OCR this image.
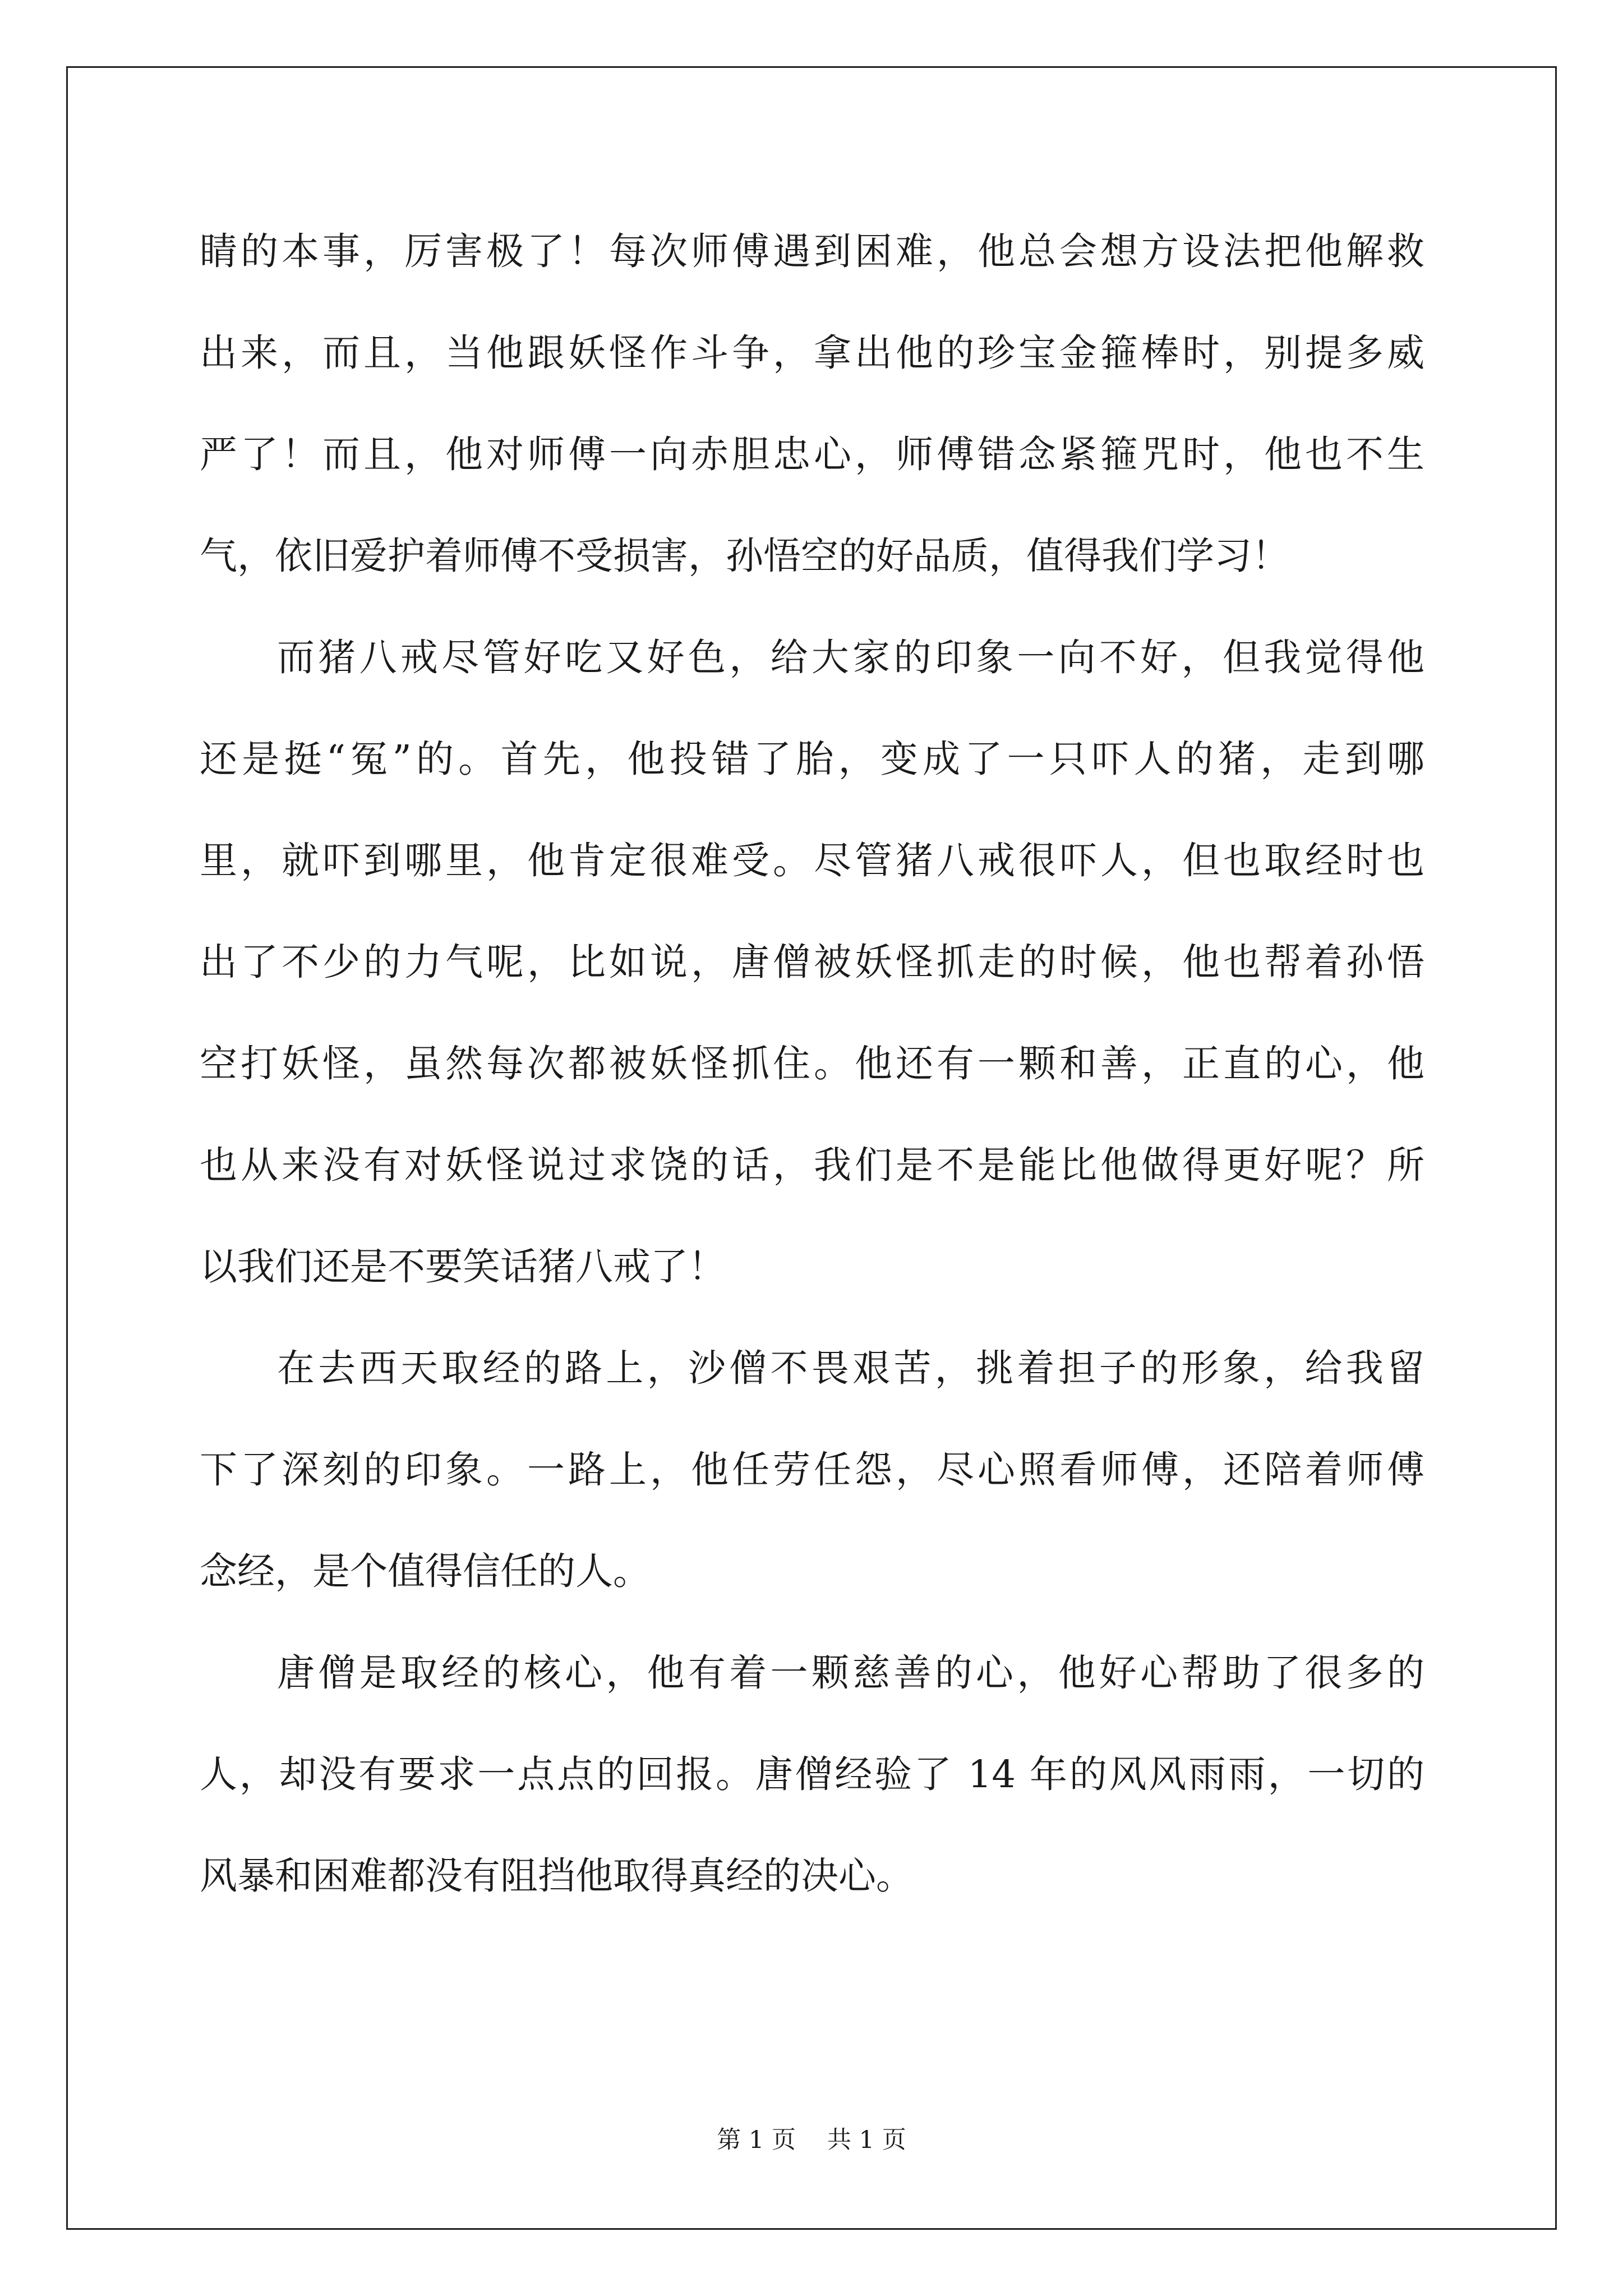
睛的本事，厉害极了！每次师傅遇到困难，他总会想方设法把他解救
出来，而且，当他跟妖怪作斗争，拿出他的珍宝金箍棒时，别提多威
严了！而且，他对师傅一向赤胆忠心，师傅错念紧箍咒时，他也不生
气，依旧爱护着师傅不受损害，孙悟空的好品质，值得我们学习！
而猪八戒尽管好吃又好色，给大家的印象一向不好，但我觉得他
还是挺“冤”的。首先，他投错了胎，变成了一只吓人的猪，走到哪
里，就吓到哪里，他肯定很难受。尽管猪八戒很吓人，但也取经时也
出了不少的力气呢，比如说，唐僧被妖怪抓走的时候，他也帮着孙悟
空打妖怪，虽然每次都被妖怪抓住。他还有一颗和善，正直的心，他
也从来没有对妖怪说过求饶的话，我们是不是能比他做得更好呢？所
以我们还是不要笑话猪八戒了！
在去西天取经的路上，沙僧不畏艰苦，挑着担子的形象，给我留
下了深刻的印象。一路上，他任劳任怨，尽心照看师傅，还陪着师傅
念经，是个值得信任的人。
唐僧是取经的核心，他有着一颗慈善的心，他好心帮助了很多的
人，却没有要求一点点的回报。唐僧经验了 14 年的风风雨雨，一切的
风暴和困难都没有阻挡他取得真经的决心。
第 1 页 共 1 页
